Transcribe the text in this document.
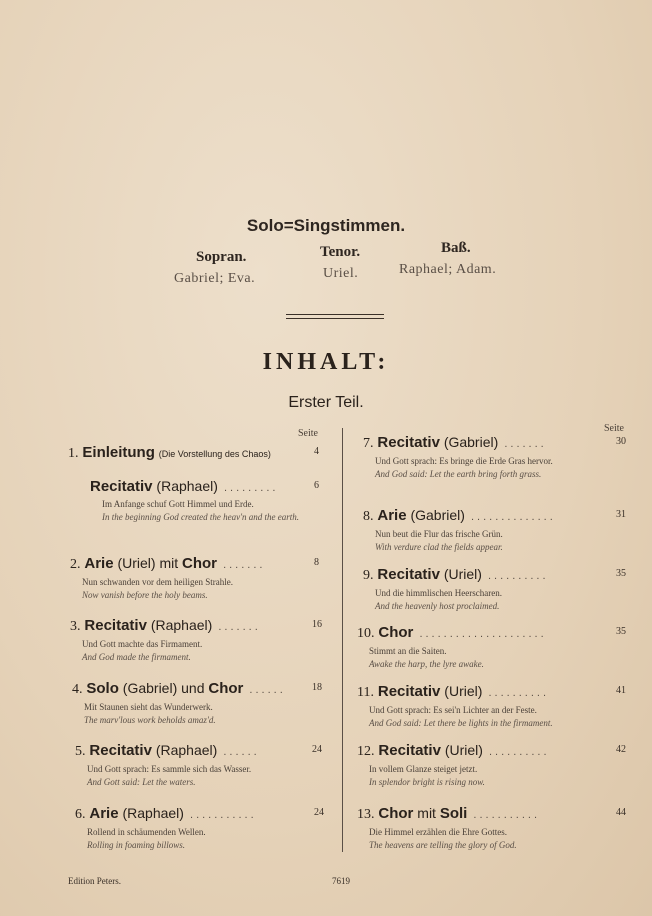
Solo=Singstimmen.
Sopran.	Tenor.	Baß.
Gabriel; Eva.	Uriel.	Raphael; Adam.
INHALT:
Erster Teil.
Seite	Seite
1. Einleitung (Die Vorstellung des Chaos)	4
Recitativ (Raphael) .........	6
Im Anfange schuf Gott Himmel und Erde.
In the beginning God created the heav'n and the earth.
2. Arie (Uriel) mit Chor .......	8
Nun schwanden vor dem heiligen Strahle.
Now vanish before the holy beams.
3. Recitativ (Raphael) .......	16
Und Gott machte das Firmament.
And God made the firmament.
4. Solo (Gabriel) und Chor ......	18
Mit Staunen sieht das Wunderwerk.
The marv'lous work beholds amaz'd.
5. Recitativ (Raphael) ......	24
Und Gott sprach: Es sammle sich das Wasser.
And Gott said: Let the waters.
6. Arie (Raphael) ...........	24
Rollend in schäumenden Wellen.
Rolling in foaming billows.
7. Recitativ (Gabriel) .......	30
Und Gott sprach: Es bringe die Erde Gras hervor.
And God said: Let the earth bring forth grass.
8. Arie (Gabriel) ..............	31
Nun beut die Flur das frische Grün.
With verdure clad the fields appear.
9. Recitativ (Uriel) ..........	35
Und die himmlischen Heerscharen.
And the heavenly host proclaimed.
10. Chor .....................	35
Stimmt an die Saiten.
Awake the harp, the lyre awake.
11. Recitativ (Uriel) ..........	41
Und Gott sprach: Es sei'n Lichter an der Feste.
And God said: Let there be lights in the firmament.
12. Recitativ (Uriel) ..........	42
In vollem Glanze steiget jetzt.
In splendor bright is rising now.
13. Chor mit Soli ...........	44
Die Himmel erzählen die Ehre Gottes.
The heavens are telling the glory of God.
Edition Peters.	7619
